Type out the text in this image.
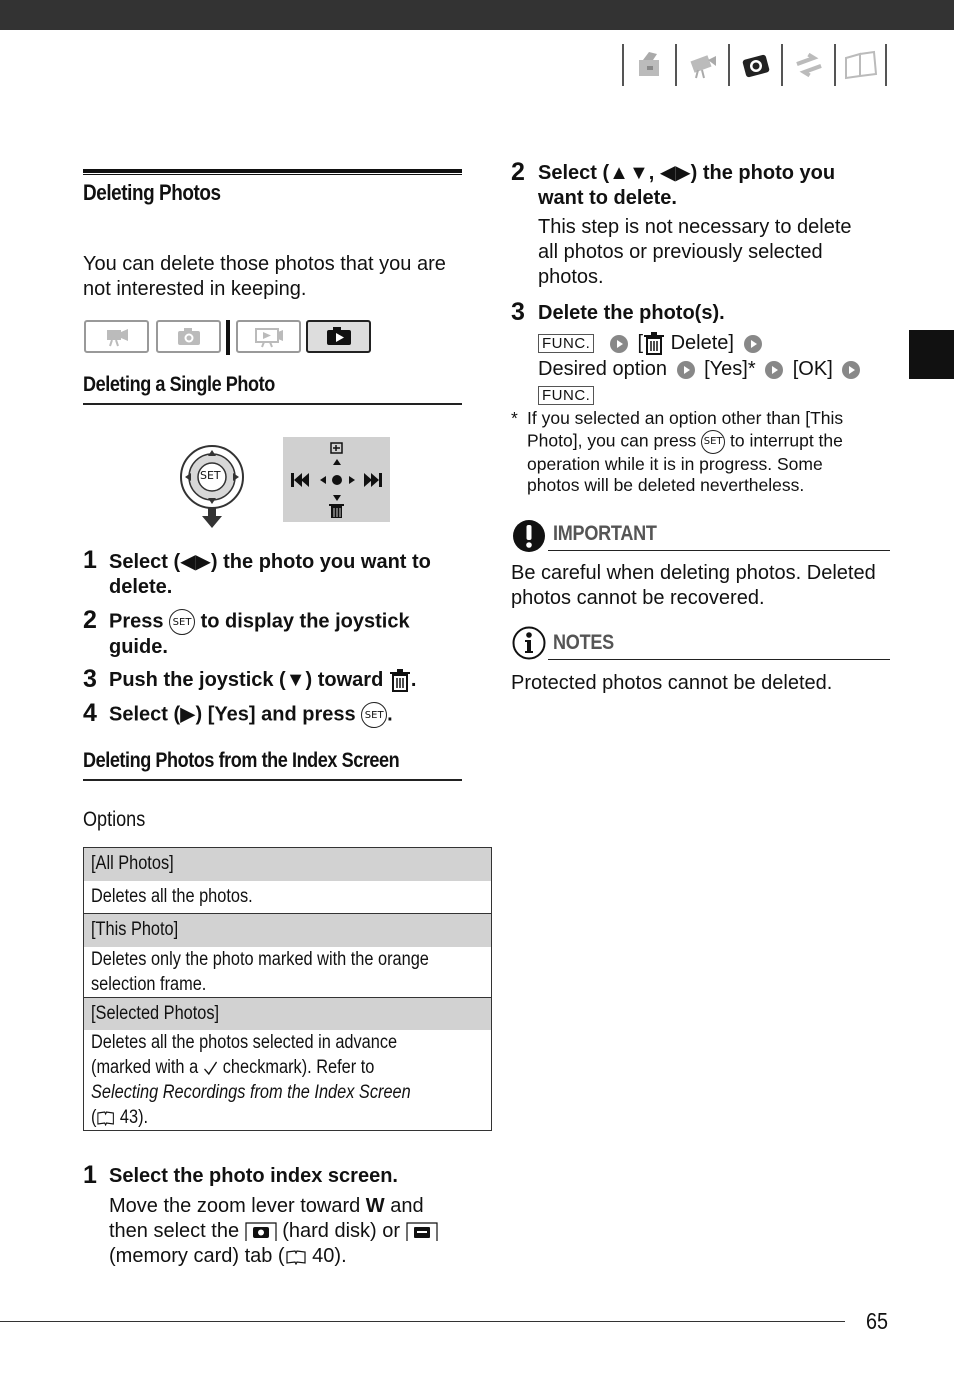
Deleting Photos
You can delete those photos that you are not interested in keeping.
Deleting a Single Photo
SET
1 Select (◀▶) the photo you want to delete.
2 Press SET to display the joystick guide.
3 Push the joystick (▼) toward .
4 Select (▶) [Yes] and press SET .
Deleting Photos from the Index Screen
Options
[All Photos]
Deletes all the photos.
[This Photo]
Deletes only the photo marked with the orange
selection frame.
[Selected Photos]
Deletes all the photos selected in advance
(marked with a checkmark). Refer to
Selecting Recordings from the Index Screen
( 43).
1 Select the photo index screen.
Move the zoom lever toward W and
then select the (hard disk) or
(memory card) tab ( 40).
2 Select (▲▼, ◀▶) the photo you
want to delete.
This step is not necessary to delete
all photos or previously selected
photos.
3 Delete the photo(s).
FUNC. [ Delete]
Desired option [Yes]* [OK]
FUNC.
* If you selected an option other than [This
Photo], you can press SET to interrupt the
operation while it is in progress. Some
photos will be deleted nevertheless.
IMPORTANT
Be careful when deleting photos. Deleted
photos cannot be recovered.
NOTES
Protected photos cannot be deleted.
65
